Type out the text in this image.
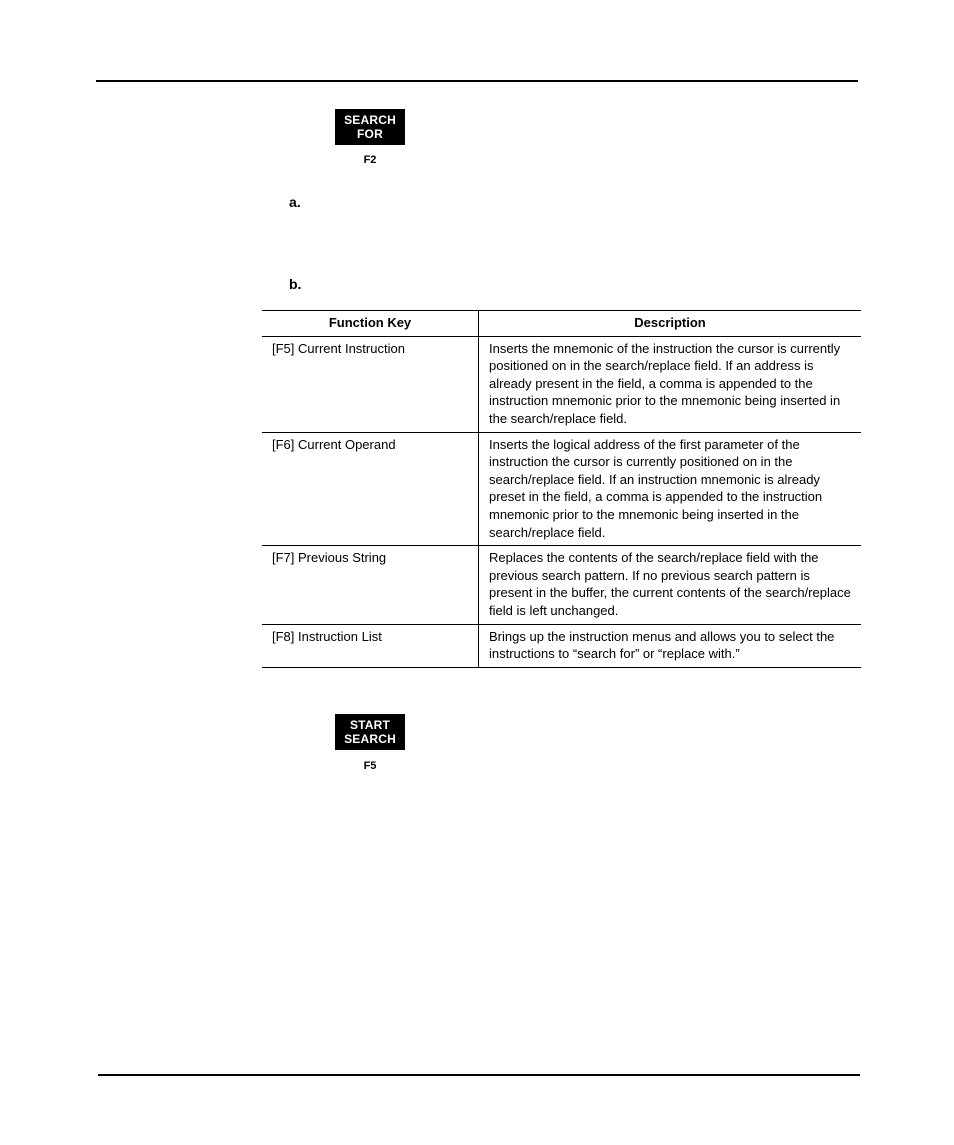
SEARCH
FOR
F2
a.
b.
Function Key	Description
[F5] Current Instruction	Inserts the mnemonic of the instruction the cursor is currently positioned on in the search/replace field. If an address is already present in the field, a comma is appended to the instruction mnemonic prior to the mnemonic being inserted in the search/replace field.
[F6] Current Operand	Inserts the logical address of the first parameter of the instruction the cursor is currently positioned on in the search/replace field. If an instruction mnemonic is already preset in the field, a comma is appended to the instruction mnemonic prior to the mnemonic being inserted in the search/replace field.
[F7] Previous String	Replaces the contents of the search/replace field with the previous search pattern. If no previous search pattern is present in the buffer, the current contents of the search/replace field is left unchanged.
[F8] Instruction List	Brings up the instruction menus and allows you to select the instructions to “search for” or “replace with.”
START
SEARCH
F5
